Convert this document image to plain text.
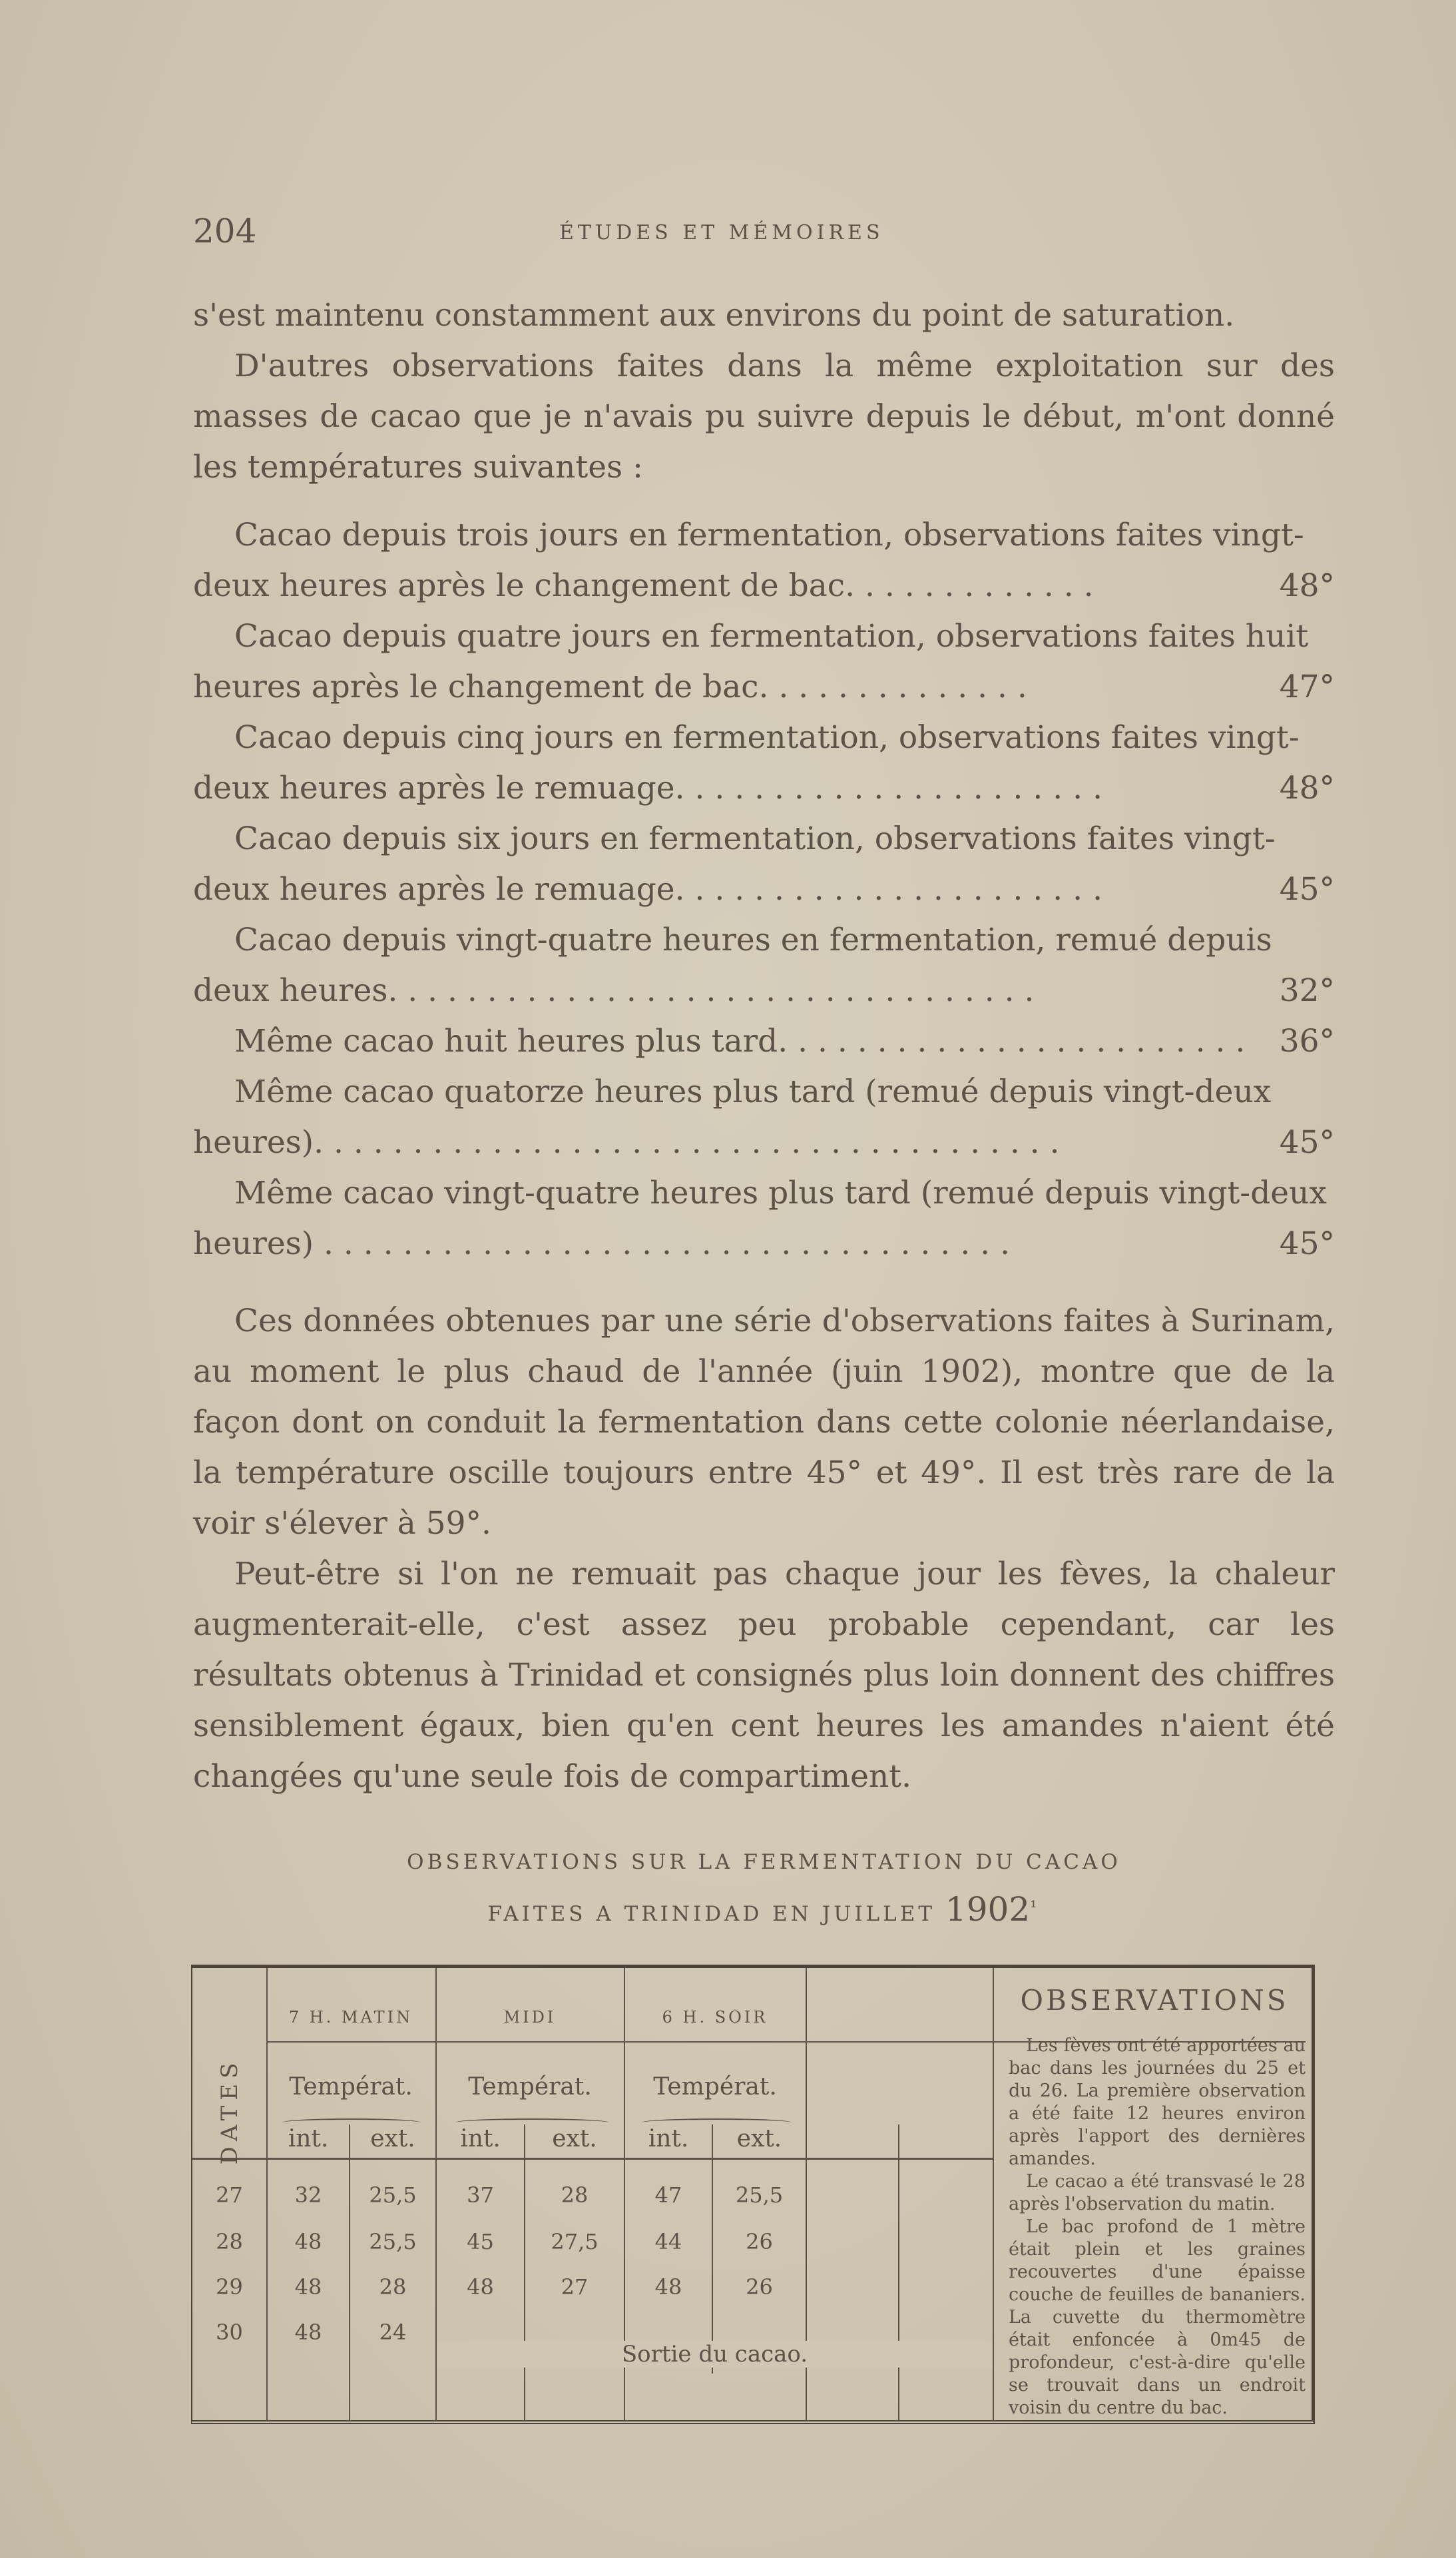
204	ÉTUDES ET MÉMOIRES

s'est maintenu constamment aux environs du point de saturation.

D'autres observations faites dans la même exploitation sur des masses de cacao que je n'avais pu suivre depuis le début, m'ont donné les températures suivantes :

Cacao depuis trois jours en fermentation, observations faites vingt-deux heures après le changement de bac. . . . . . . . . . . . .	48°
Cacao depuis quatre jours en fermentation, observations faites huit heures après le changement de bac. . . . . . . . . . . . . .	47°
Cacao depuis cinq jours en fermentation, observations faites vingt-deux heures après le remuage. . . . . . . . . . . . . . . . . . . . . .	48°
Cacao depuis six jours en fermentation, observations faites vingt-deux heures après le remuage. . . . . . . . . . . . . . . . . . . . . .	45°
Cacao depuis vingt-quatre heures en fermentation, remué depuis deux heures. . . . . . . . . . . . . . . . . . . . . . . . . . . . . . . . .	32°
Même cacao huit heures plus tard. . . . . . . . . . . . . . . . . . . . . . . . 36°
Même cacao quatorze heures plus tard (remué depuis vingt-deux heures). . . . . . . . . . . . . . . . . . . . . . . . . . . . . . . . . . . . . .	45°
Même cacao vingt-quatre heures plus tard (remué depuis vingt-deux heures) . . . . . . . . . . . . . . . . . . . . . . . . . . . . . . . . . . .	45°

Ces données obtenues par une série d'observations faites à Surinam, au moment le plus chaud de l'année (juin 1902), montre que de la façon dont on conduit la fermentation dans cette colonie néerlandaise, la température oscille toujours entre 45° et 49°. Il est très rare de la voir s'élever à 59°.

Peut-être si l'on ne remuait pas chaque jour les fèves, la chaleur augmenterait-elle, c'est assez peu probable cependant, car les résultats obtenus à Trinidad et consignés plus loin donnent des chiffres sensiblement égaux, bien qu'en cent heures les amandes n'aient été changées qu'une seule fois de compartiment.

OBSERVATIONS SUR LA FERMENTATION DU CACAO
FAITES A TRINIDAD EN JUILLET $1902^{^1}$
DATES
7 H. MATIN	MIDI	6 H. SOIR
Températ.	Températ.	Températ.
int.	ext.	int.	ext.	int.	ext.
27	32	25,5	37	28	47	25,5
28	48	25,5	45	27,5	44	26
29	48	28	48	27	48	26
30	48	24
Sortie du cacao.
OBSERVATIONS

Les fèves ont été apportées au bac dans les journées du 25 et du 26. La première observation a été faite 12 heures environ après l'apport des dernières amandes.

Le cacao a été transvasé le 28 après l'observation du matin.

Le bac profond de 1 mètre était plein et les graines recouvertes d'une épaisse couche de feuilles de bananiers. La cuvette du thermomètre était enfoncée à 0m45 de profondeur, c'est-à-dire qu'elle se trouvait dans un endroit voisin du centre du bac.
